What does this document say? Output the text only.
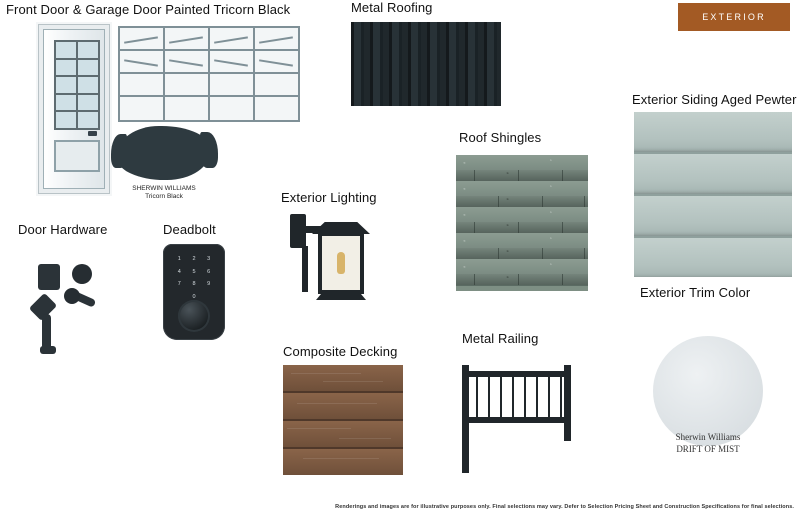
EXTERIOR
Front Door & Garage Door Painted Tricorn Black
SHERWIN WILLIAMS
Tricorn Black
Metal Roofing
Exterior Siding Aged Pewter
Roof Shingles
Door Hardware	Deadbolt
1 2 3
4 5 6
7 8 9
0
Exterior Lighting
Composite Decking
Metal Railing
Exterior Trim Color
Sherwin Williams
DRIFT OF MIST
Renderings and images are for illustrative purposes only. Final selections may vary. Defer to Selection Pricing Sheet and Construction Specifications for final selections.
